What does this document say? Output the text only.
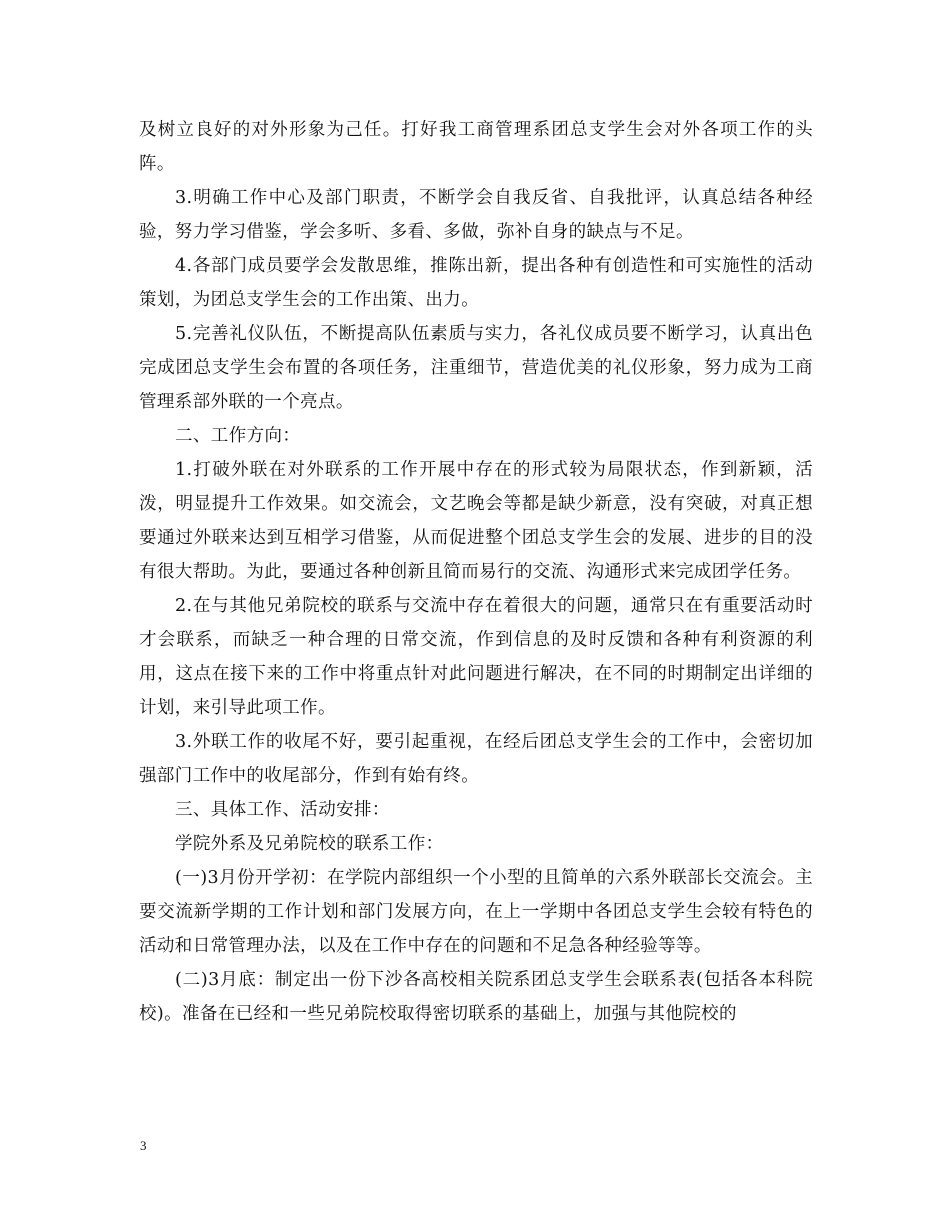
及树立良好的对外形象为己任。打好我工商管理系团总支学生会对外各项工作的头阵。

3.明确工作中心及部门职责，不断学会自我反省、自我批评，认真总结各种经验，努力学习借鉴，学会多听、多看、多做，弥补自身的缺点与不足。

4.各部门成员要学会发散思维，推陈出新，提出各种有创造性和可实施性的活动策划，为团总支学生会的工作出策、出力。

5.完善礼仪队伍，不断提高队伍素质与实力，各礼仪成员要不断学习，认真出色完成团总支学生会布置的各项任务，注重细节，营造优美的礼仪形象，努力成为工商管理系部外联的一个亮点。

二、工作方向：

1.打破外联在对外联系的工作开展中存在的形式较为局限状态，作到新颖，活泼，明显提升工作效果。如交流会，文艺晚会等都是缺少新意，没有突破，对真正想要通过外联来达到互相学习借鉴，从而促进整个团总支学生会的发展、进步的目的没有很大帮助。为此，要通过各种创新且简而易行的交流、沟通形式来完成团学任务。

2.在与其他兄弟院校的联系与交流中存在着很大的问题，通常只在有重要活动时才会联系，而缺乏一种合理的日常交流，作到信息的及时反馈和各种有利资源的利用，这点在接下来的工作中将重点针对此问题进行解决，在不同的时期制定出详细的计划，来引导此项工作。

3.外联工作的收尾不好，要引起重视，在经后团总支学生会的工作中，会密切加强部门工作中的收尾部分，作到有始有终。

三、具体工作、活动安排：

学院外系及兄弟院校的联系工作：

(一)3月份开学初：在学院内部组织一个小型的且简单的六系外联部长交流会。主要交流新学期的工作计划和部门发展方向，在上一学期中各团总支学生会较有特色的活动和日常管理办法，以及在工作中存在的问题和不足急各种经验等等。

(二)3月底：制定出一份下沙各高校相关院系团总支学生会联系表(包括各本科院校)。准备在已经和一些兄弟院校取得密切联系的基础上，加强与其他院校的

3
